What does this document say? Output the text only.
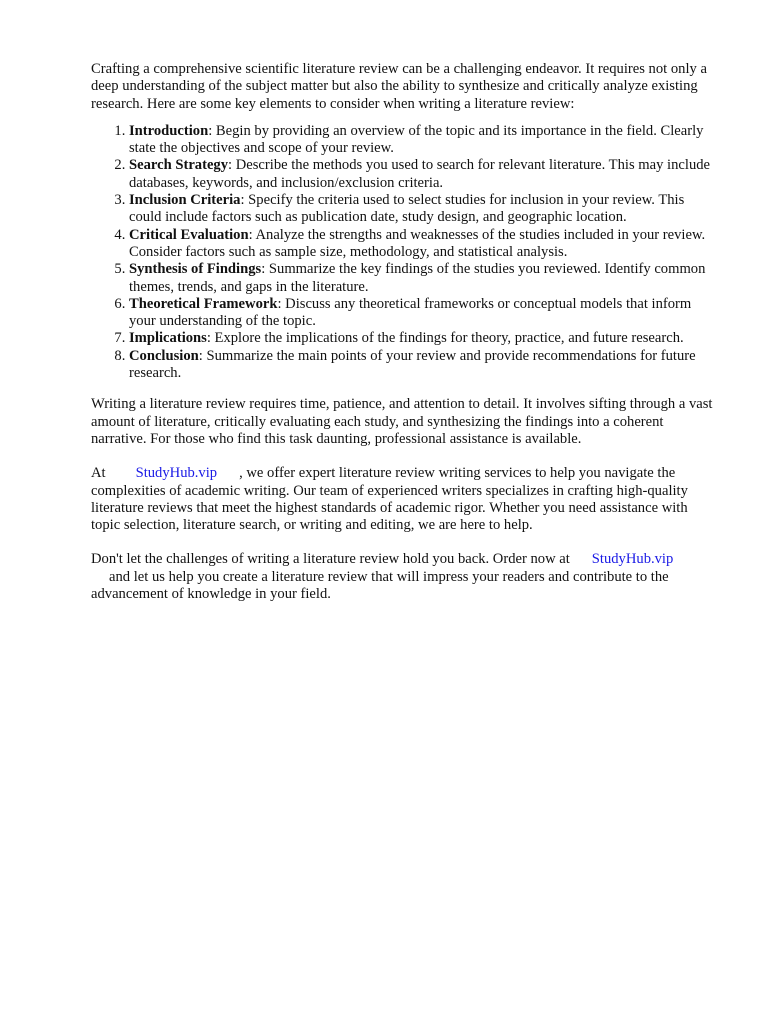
Crafting a comprehensive scientific literature review can be a challenging endeavor. It requires not only a deep understanding of the subject matter but also the ability to synthesize and critically analyze existing research. Here are some key elements to consider when writing a literature review:

1. Introduction: Begin by providing an overview of the topic and its importance in the field. Clearly state the objectives and scope of your review.
2. Search Strategy: Describe the methods you used to search for relevant literature. This may include databases, keywords, and inclusion/exclusion criteria.
3. Inclusion Criteria: Specify the criteria used to select studies for inclusion in your review. This could include factors such as publication date, study design, and geographic location.
4. Critical Evaluation: Analyze the strengths and weaknesses of the studies included in your review. Consider factors such as sample size, methodology, and statistical analysis.
5. Synthesis of Findings: Summarize the key findings of the studies you reviewed. Identify common themes, trends, and gaps in the literature.
6. Theoretical Framework: Discuss any theoretical frameworks or conceptual models that inform your understanding of the topic.
7. Implications: Explore the implications of the findings for theory, practice, and future research.
8. Conclusion: Summarize the main points of your review and provide recommendations for future research.

Writing a literature review requires time, patience, and attention to detail. It involves sifting through a vast amount of literature, critically evaluating each study, and synthesizing the findings into a coherent narrative. For those who find this task daunting, professional assistance is available.

At StudyHub.vip , we offer expert literature review writing services to help you navigate the complexities of academic writing. Our team of experienced writers specializes in crafting high-quality literature reviews that meet the highest standards of academic rigor. Whether you need assistance with topic selection, literature search, or writing and editing, we are here to help.

Don't let the challenges of writing a literature review hold you back. Order now at StudyHub.vip
and let us help you create a literature review that will impress your readers and contribute to the advancement of knowledge in your field.
